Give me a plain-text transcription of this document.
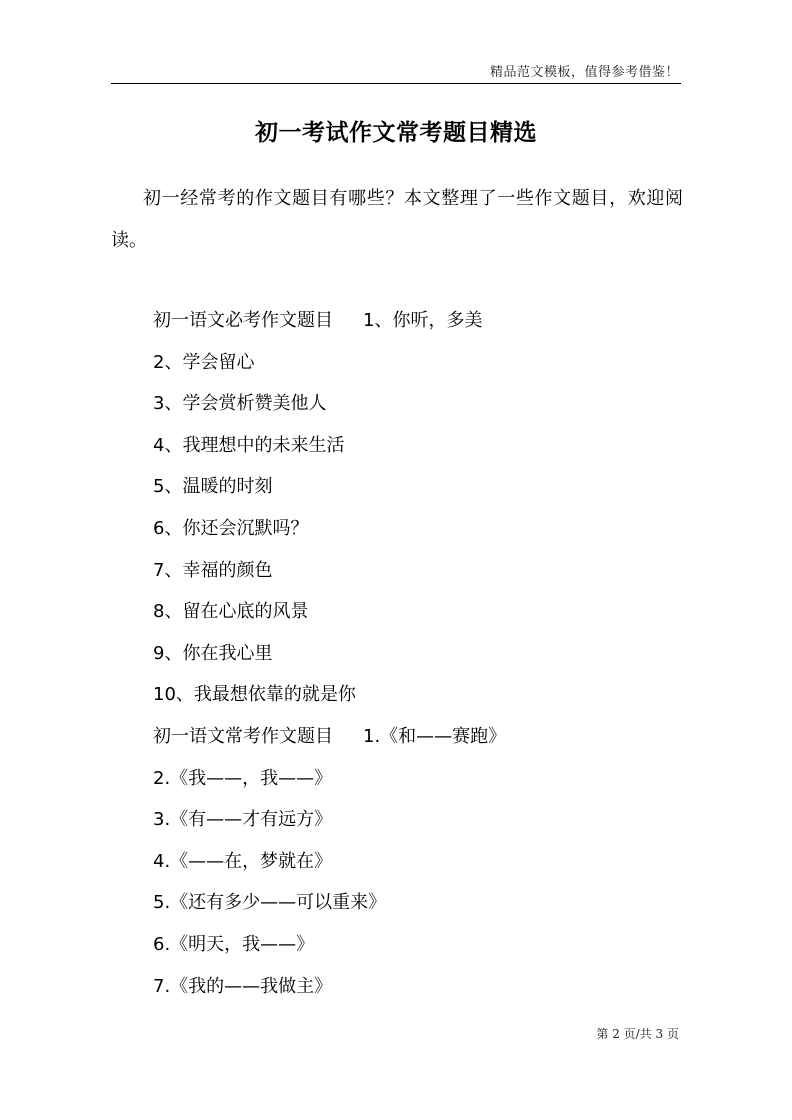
精品范文模板，值得参考借鉴！
初一考试作文常考题目精选
初一经常考的作文题目有哪些？本文整理了一些作文题目，欢迎阅读。
初一语文必考作文题目 1、你听，多美
2、学会留心
3、学会赏析赞美他人
4、我理想中的未来生活
5、温暖的时刻
6、你还会沉默吗？
7、幸福的颜色
8、留在心底的风景
9、你在我心里
10、我最想依靠的就是你
初一语文常考作文题目 1.《和——赛跑》
2.《我——，我——》
3.《有——才有远方》
4.《——在，梦就在》
5.《还有多少——可以重来》
6.《明天，我——》
7.《我的——我做主》
第 2 页/共 3 页
